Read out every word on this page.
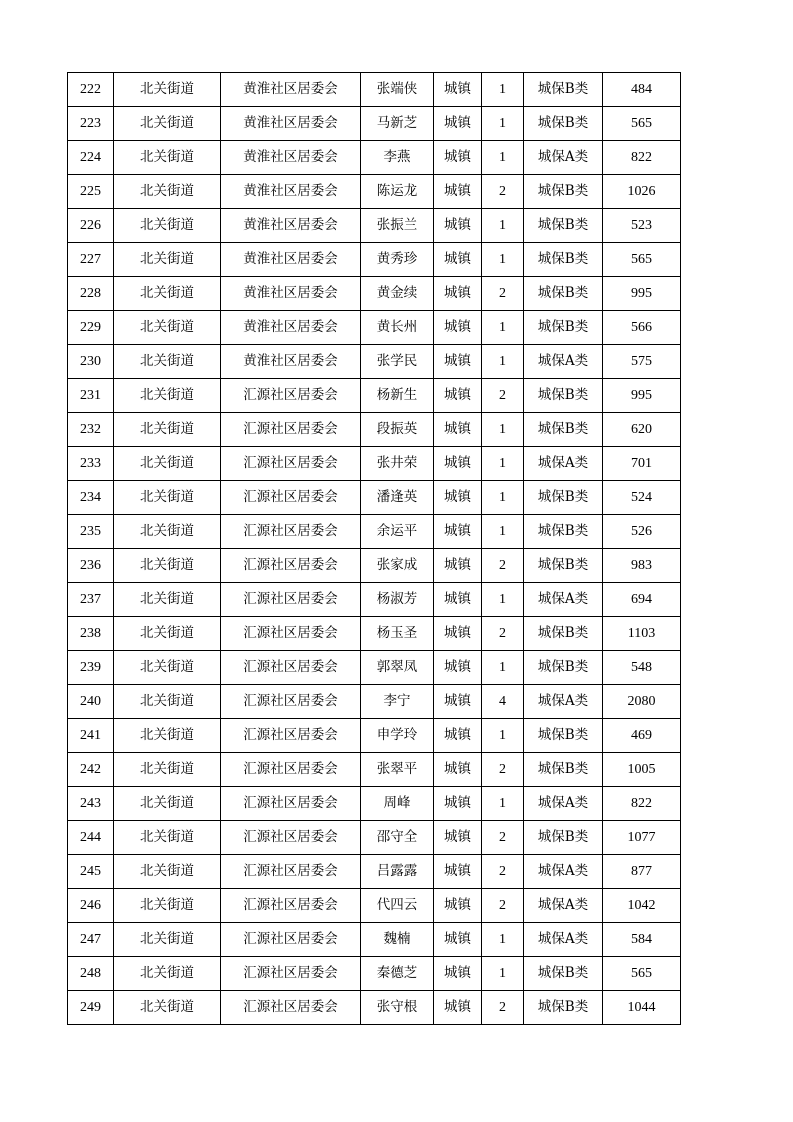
222	北关街道	黄淮社区居委会	张端侠	城镇	1	城保B类	484
223	北关街道	黄淮社区居委会	马新芝	城镇	1	城保B类	565
224	北关街道	黄淮社区居委会	李燕	城镇	1	城保A类	822
225	北关街道	黄淮社区居委会	陈运龙	城镇	2	城保B类	1026
226	北关街道	黄淮社区居委会	张振兰	城镇	1	城保B类	523
227	北关街道	黄淮社区居委会	黄秀珍	城镇	1	城保B类	565
228	北关街道	黄淮社区居委会	黄金续	城镇	2	城保B类	995
229	北关街道	黄淮社区居委会	黄长州	城镇	1	城保B类	566
230	北关街道	黄淮社区居委会	张学民	城镇	1	城保A类	575
231	北关街道	汇源社区居委会	杨新生	城镇	2	城保B类	995
232	北关街道	汇源社区居委会	段振英	城镇	1	城保B类	620
233	北关街道	汇源社区居委会	张井荣	城镇	1	城保A类	701
234	北关街道	汇源社区居委会	潘逢英	城镇	1	城保B类	524
235	北关街道	汇源社区居委会	余运平	城镇	1	城保B类	526
236	北关街道	汇源社区居委会	张家成	城镇	2	城保B类	983
237	北关街道	汇源社区居委会	杨淑芳	城镇	1	城保A类	694
238	北关街道	汇源社区居委会	杨玉圣	城镇	2	城保B类	1103
239	北关街道	汇源社区居委会	郭翠凤	城镇	1	城保B类	548
240	北关街道	汇源社区居委会	李宁	城镇	4	城保A类	2080
241	北关街道	汇源社区居委会	申学玲	城镇	1	城保B类	469
242	北关街道	汇源社区居委会	张翠平	城镇	2	城保B类	1005
243	北关街道	汇源社区居委会	周峰	城镇	1	城保A类	822
244	北关街道	汇源社区居委会	邵守全	城镇	2	城保B类	1077
245	北关街道	汇源社区居委会	吕露露	城镇	2	城保A类	877
246	北关街道	汇源社区居委会	代四云	城镇	2	城保A类	1042
247	北关街道	汇源社区居委会	魏楠	城镇	1	城保A类	584
248	北关街道	汇源社区居委会	秦德芝	城镇	1	城保B类	565
249	北关街道	汇源社区居委会	张守根	城镇	2	城保B类	1044
